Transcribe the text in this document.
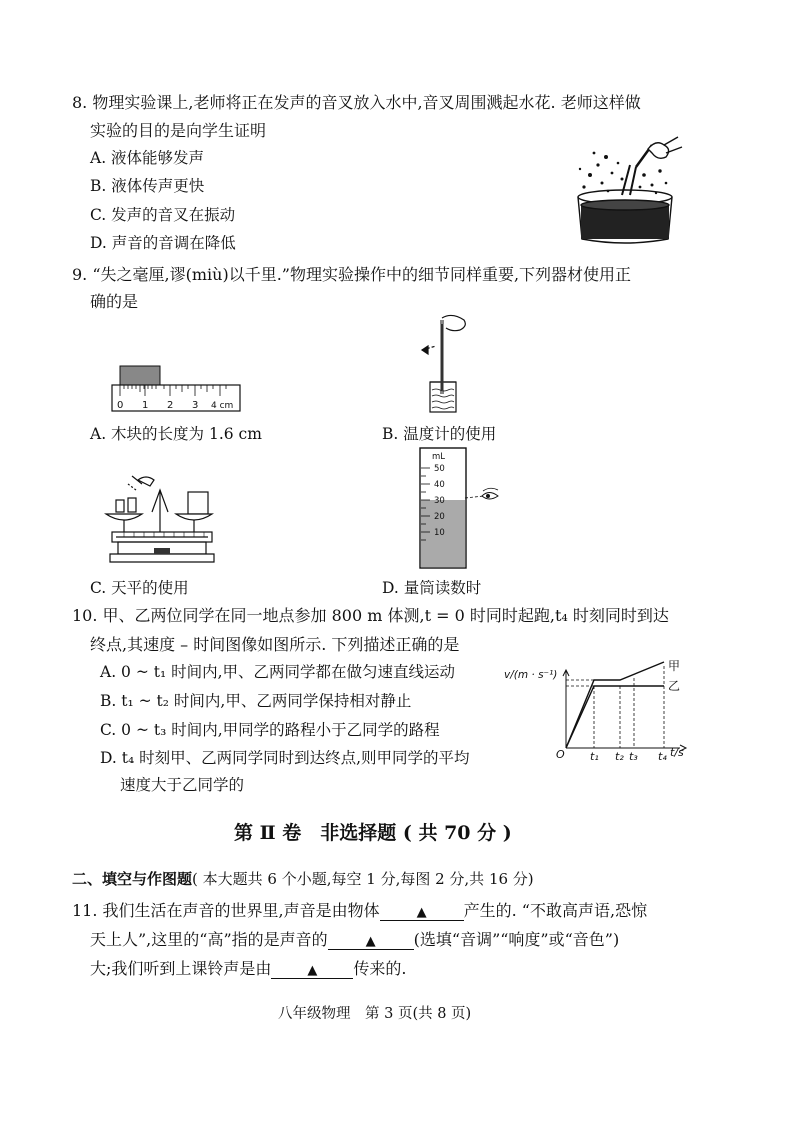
8. 物理实验课上,老师将正在发声的音叉放入水中,音叉周围溅起水花. 老师这样做
实验的目的是向学生证明
A. 液体能够发声
B. 液体传声更快
C. 发声的音叉在振动
D. 声音的音调在降低
9. “失之毫厘,谬(miù)以千里.”物理实验操作中的细节同样重要,下列器材使用正
确的是
0 1 2 3 4 cm
A. 木块的长度为 1.6 cm	B. 温度计的使用
C. 天平的使用
mL
50
40
30
20
10
D. 量筒读数时
10. 甲、乙两位同学在同一地点参加 800 m 体测,t = 0 时同时起跑,t₄ 时刻同时到达
终点,其速度 – 时间图像如图所示. 下列描述正确的是
A. 0 ~ t₁ 时间内,甲、乙两同学都在做匀速直线运动
B. t₁ ~ t₂ 时间内,甲、乙两同学保持相对静止
C. 0 ~ t₃ 时间内,甲同学的路程小于乙同学的路程
D. t₄ 时刻甲、乙两同学同时到达终点,则甲同学的平均
速度大于乙同学的
v/(m · s⁻¹)
t/s
O t₁ t₂ t₃ t₄
甲
乙
第 Ⅱ 卷　非选择题 ( 共 70 分 )
二、填空与作图题( 本大题共 6 个小题,每空 1 分,每图 2 分,共 16 分)
11. 我们生活在声音的世界里,声音是由物体	▲ 产生的. “不敢高声语,恐惊
天上人”,这里的“高”指的是声音的	▲ (选填“音调”“响度”或“音色”)
大;我们听到上课铃声是由	▲ 传来的.
八年级物理　第 3 页(共 8 页)
